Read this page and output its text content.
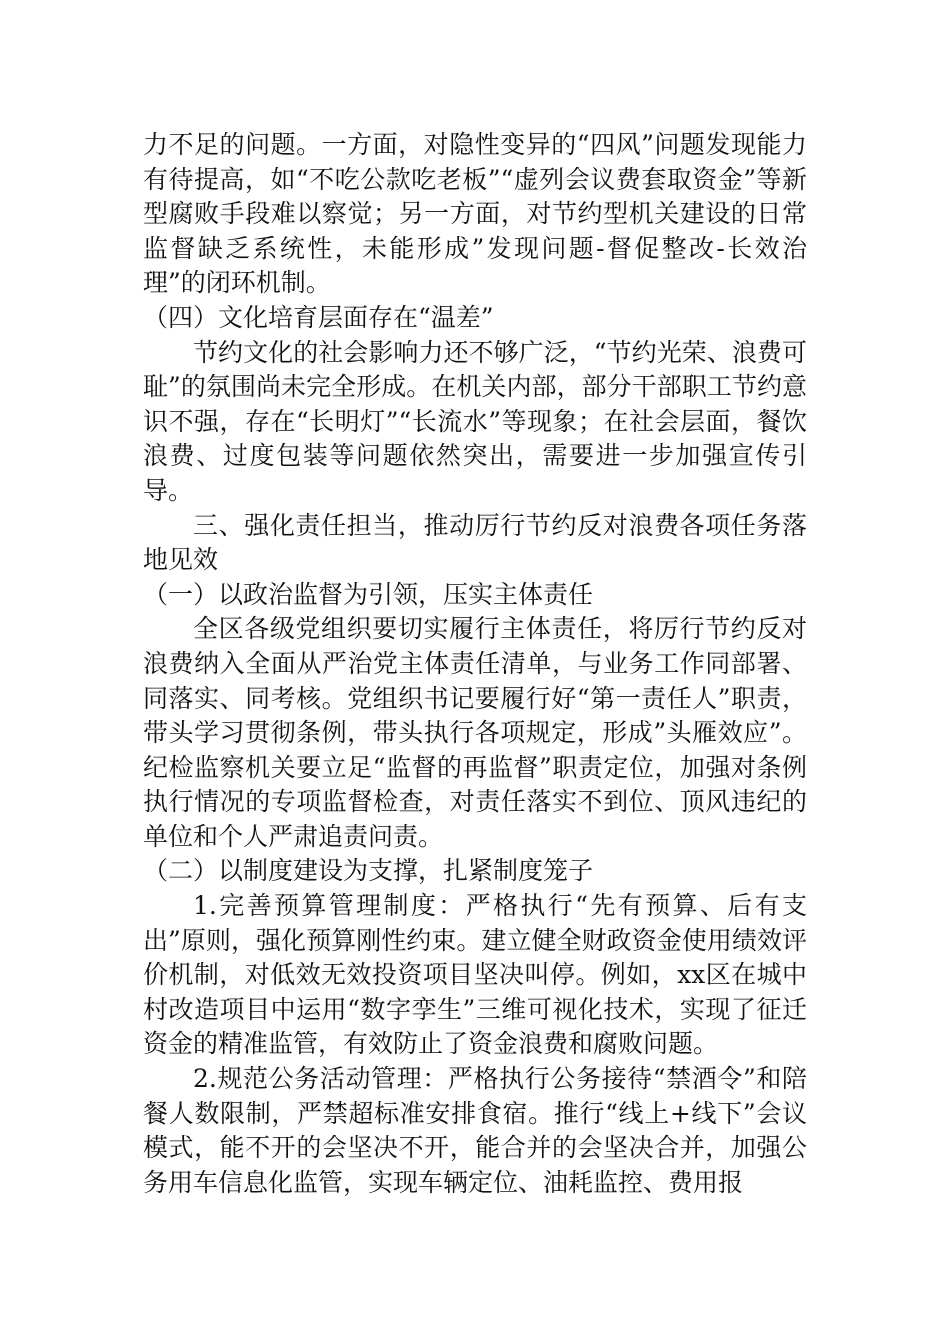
力不足的问题。一方面，对隐性变异的“四风”问题发现能力有待提高，如“不吃公款吃老板”“虚列会议费套取资金”等新型腐败手段难以察觉；另一方面，对节约型机关建设的日常监督缺乏系统性，未能形成”发现问题-督促整改-长效治理”的闭环机制。

（四）文化培育层面存在“温差”

节约文化的社会影响力还不够广泛，“节约光荣、浪费可耻”的氛围尚未完全形成。在机关内部，部分干部职工节约意识不强，存在“长明灯”“长流水”等现象；在社会层面，餐饮浪费、过度包装等问题依然突出，需要进一步加强宣传引导。

三、强化责任担当，推动厉行节约反对浪费各项任务落地见效

（一）以政治监督为引领，压实主体责任

全区各级党组织要切实履行主体责任，将厉行节约反对浪费纳入全面从严治党主体责任清单，与业务工作同部署、同落实、同考核。党组织书记要履行好“第一责任人”职责，带头学习贯彻条例，带头执行各项规定，形成”头雁效应”。纪检监察机关要立足“监督的再监督”职责定位，加强对条例执行情况的专项监督检查，对责任落实不到位、顶风违纪的单位和个人严肃追责问责。

（二）以制度建设为支撑，扎紧制度笼子

1.完善预算管理制度：严格执行“先有预算、后有支出”原则，强化预算刚性约束。建立健全财政资金使用绩效评价机制，对低效无效投资项目坚决叫停。例如，xx区在城中村改造项目中运用“数字孪生”三维可视化技术，实现了征迁资金的精准监管，有效防止了资金浪费和腐败问题。

2.规范公务活动管理：严格执行公务接待“禁酒令”和陪餐人数限制，严禁超标准安排食宿。推行“线上+线下”会议模式，能不开的会坚决不开，能合并的会坚决合并，加强公务用车信息化监管，实现车辆定位、油耗监控、费用报
